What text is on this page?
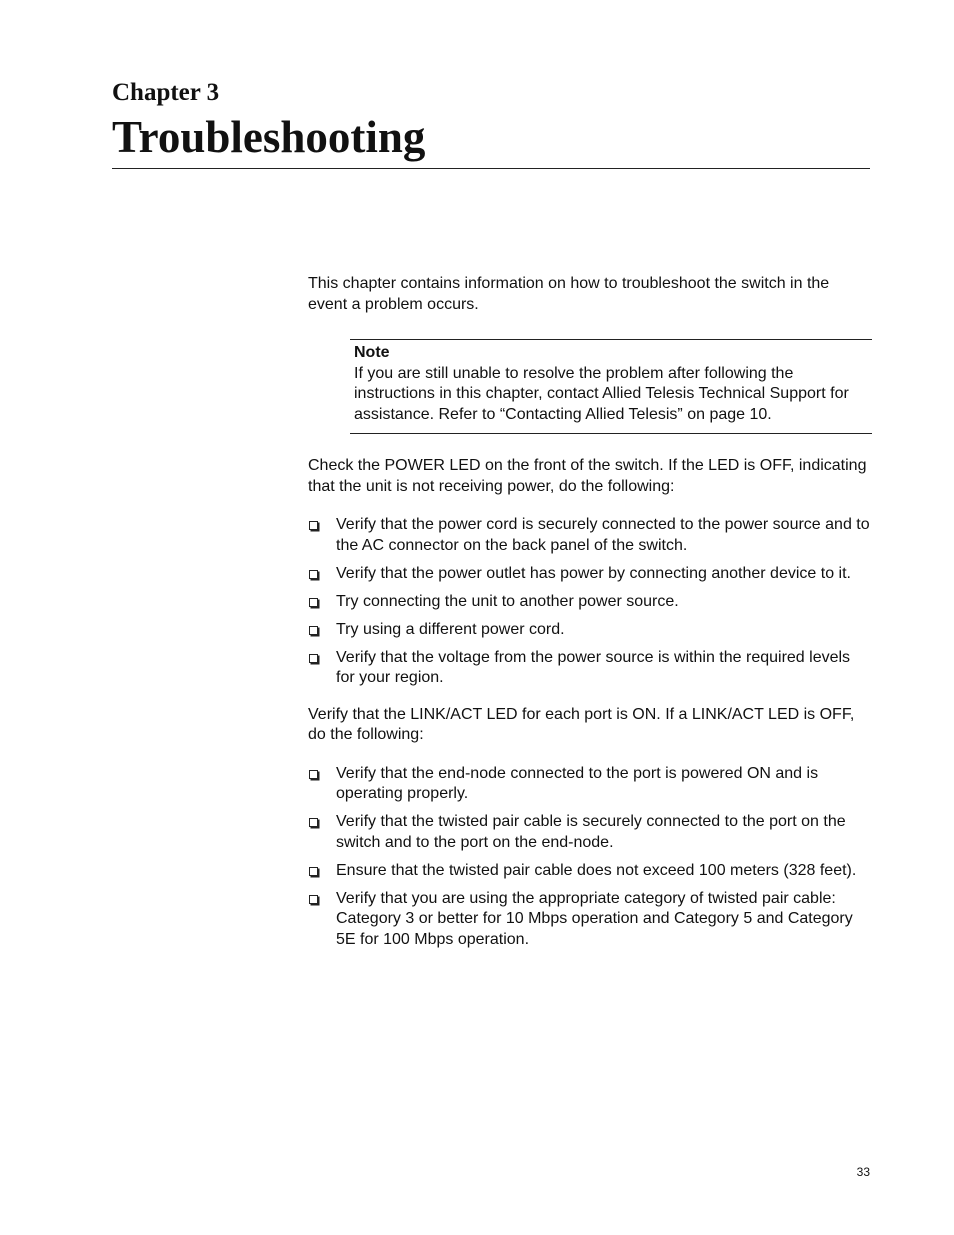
Chapter 3
Troubleshooting

This chapter contains information on how to troubleshoot the switch in the event a problem occurs.

Note

If you are still unable to resolve the problem after following the instructions in this chapter, contact Allied Telesis Technical Support for assistance. Refer to “Contacting Allied Telesis” on page 10.

Check the POWER LED on the front of the switch. If the LED is OFF, indicating that the unit is not receiving power, do the following:

Verify that the power cord is securely connected to the power source and to the AC connector on the back panel of the switch.
Verify that the power outlet has power by connecting another device to it.
Try connecting the unit to another power source.
Try using a different power cord.
Verify that the voltage from the power source is within the required levels for your region.

Verify that the LINK/ACT LED for each port is ON. If a LINK/ACT LED is OFF, do the following:

Verify that the end-node connected to the port is powered ON and is operating properly.
Verify that the twisted pair cable is securely connected to the port on the switch and to the port on the end-node.
Ensure that the twisted pair cable does not exceed 100 meters (328 feet).
Verify that you are using the appropriate category of twisted pair cable: Category 3 or better for 10 Mbps operation and Category 5 and Category 5E for 100 Mbps operation.
33
